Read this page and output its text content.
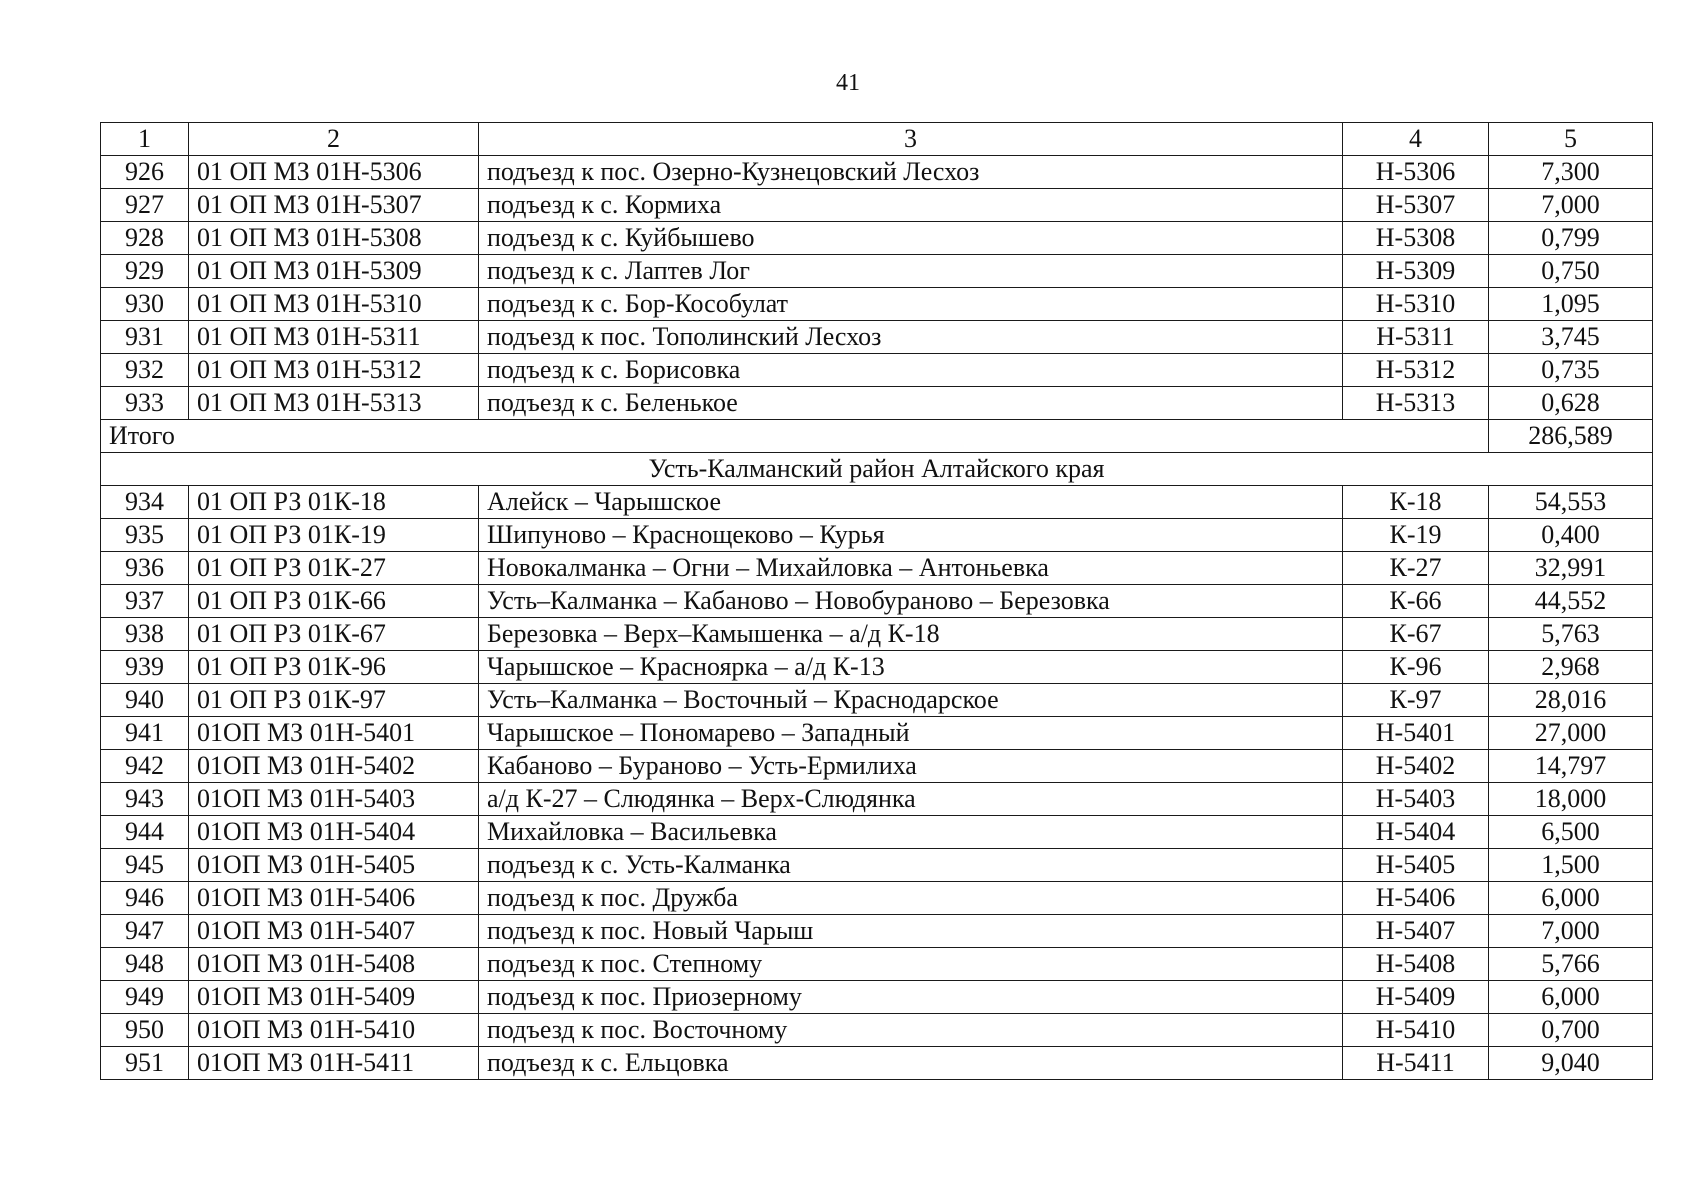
41
1	2	3	4	5
926	01 ОП МЗ 01Н-5306	подъезд к пос. Озерно-Кузнецовский Лесхоз	Н-5306	7,300
927	01 ОП МЗ 01Н-5307	подъезд к с. Кормиха	Н-5307	7,000
928	01 ОП МЗ 01Н-5308	подъезд к с. Куйбышево	Н-5308	0,799
929	01 ОП МЗ 01Н-5309	подъезд к с. Лаптев Лог	Н-5309	0,750
930	01 ОП МЗ 01Н-5310	подъезд к с. Бор-Кособулат	Н-5310	1,095
931	01 ОП МЗ 01Н-5311	подъезд к пос. Тополинский Лесхоз	Н-5311	3,745
932	01 ОП МЗ 01Н-5312	подъезд к с. Борисовка	Н-5312	0,735
933	01 ОП МЗ 01Н-5313	подъезд к с. Беленькое	Н-5313	0,628
Итого				286,589
Усть-Калманский район Алтайского края				
934	01 ОП РЗ 01К-18	Алейск – Чарышское	К-18	54,553
935	01 ОП РЗ 01К-19	Шипуново – Краснощеково – Курья	К-19	0,400
936	01 ОП РЗ 01К-27	Новокалманка – Огни – Михайловка – Антоньевка	К-27	32,991
937	01 ОП РЗ 01К-66	Усть–Калманка – Кабаново – Новобураново – Березовка	К-66	44,552
938	01 ОП РЗ 01К-67	Березовка – Верх–Камышенка – а/д К-18	К-67	5,763
939	01 ОП РЗ 01К-96	Чарышское – Красноярка – а/д К-13	К-96	2,968
940	01 ОП РЗ 01К-97	Усть–Калманка – Восточный – Краснодарское	К-97	28,016
941	01ОП МЗ 01Н-5401	Чарышское – Пономарево – Западный	Н-5401	27,000
942	01ОП МЗ 01Н-5402	Кабаново – Бураново – Усть-Ермилиха	Н-5402	14,797
943	01ОП МЗ 01Н-5403	а/д К-27 – Слюдянка – Верх-Слюдянка	Н-5403	18,000
944	01ОП МЗ 01Н-5404	Михайловка – Васильевка	Н-5404	6,500
945	01ОП МЗ 01Н-5405	подъезд к с. Усть-Калманка	Н-5405	1,500
946	01ОП МЗ 01Н-5406	подъезд к пос. Дружба	Н-5406	6,000
947	01ОП МЗ 01Н-5407	подъезд к пос. Новый Чарыш	Н-5407	7,000
948	01ОП МЗ 01Н-5408	подъезд к пос. Степному	Н-5408	5,766
949	01ОП МЗ 01Н-5409	подъезд к пос. Приозерному	Н-5409	6,000
950	01ОП МЗ 01Н-5410	подъезд к пос. Восточному	Н-5410	0,700
951	01ОП МЗ 01Н-5411	подъезд к с. Ельцовка	Н-5411	9,040
